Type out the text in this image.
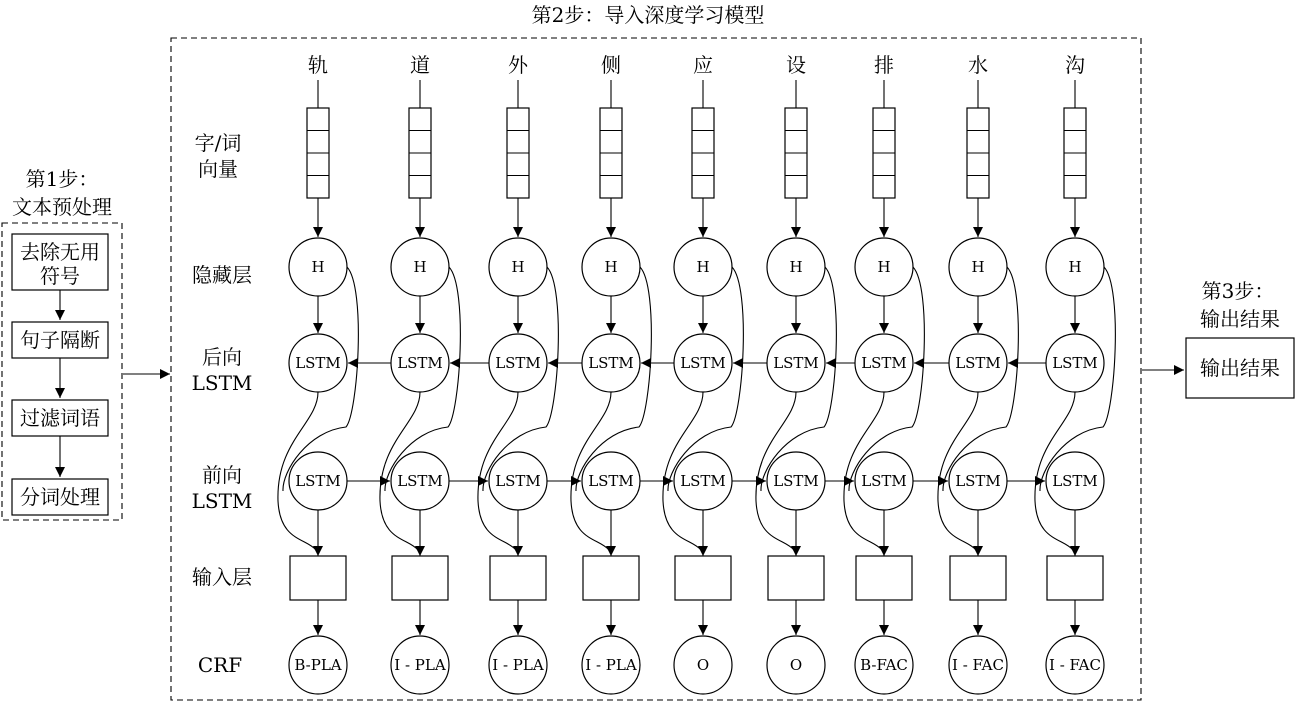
第2步：导入深度学习模型
第1步：
文本预处理
去除无用
符号
句子隔断
过滤词语
分词处理
第3步：
输出结果
输出结果
字/词
向量
隐藏层
后向
LSTM
前向
LSTM
输入层
CRF
轨
H
LSTM
LSTM
B-PLA
道
H
LSTM
LSTM
I - PLA
外
H
LSTM
LSTM
I - PLA
侧
H
LSTM
LSTM
I - PLA
应
H
LSTM
LSTM
O
设
H
LSTM
LSTM
O
排
H
LSTM
LSTM
B-FAC
水
H
LSTM
LSTM
I - FAC
沟
H
LSTM
LSTM
I - FAC
